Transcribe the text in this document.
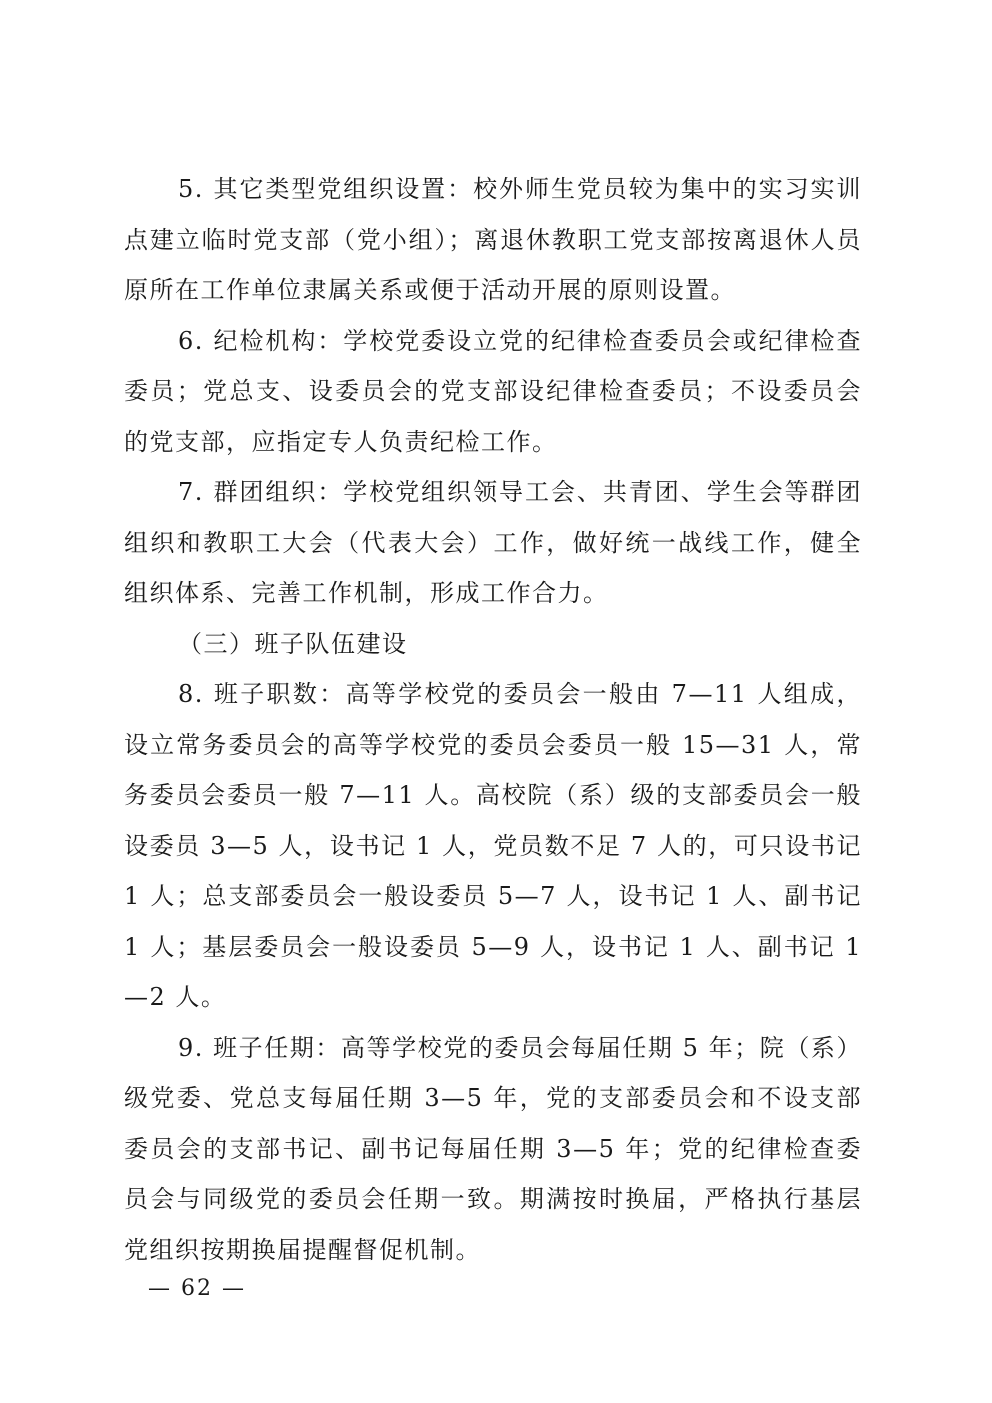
5. 其它类型党组织设置：校外师生党员较为集中的实习实训点建立临时党支部（党小组）；离退休教职工党支部按离退休人员原所在工作单位隶属关系或便于活动开展的原则设置。

6. 纪检机构：学校党委设立党的纪律检查委员会或纪律检查委员；党总支、设委员会的党支部设纪律检查委员；不设委员会的党支部，应指定专人负责纪检工作。

7. 群团组织：学校党组织领导工会、共青团、学生会等群团组织和教职工大会（代表大会）工作，做好统一战线工作，健全组织体系、完善工作机制，形成工作合力。

（三）班子队伍建设

8. 班子职数：高等学校党的委员会一般由 7—11 人组成，设立常务委员会的高等学校党的委员会委员一般 15—31 人，常务委员会委员一般 7—11 人。高校院（系）级的支部委员会一般设委员 3—5 人，设书记 1 人，党员数不足 7 人的，可只设书记 1 人；总支部委员会一般设委员 5—7 人，设书记 1 人、副书记 1 人；基层委员会一般设委员 5—9 人，设书记 1 人、副书记 1—2 人。

9. 班子任期：高等学校党的委员会每届任期 5 年；院（系）级党委、党总支每届任期 3—5 年，党的支部委员会和不设支部委员会的支部书记、副书记每届任期 3—5 年；党的纪律检查委员会与同级党的委员会任期一致。期满按时换届，严格执行基层党组织按期换届提醒督促机制。

— 62 —
